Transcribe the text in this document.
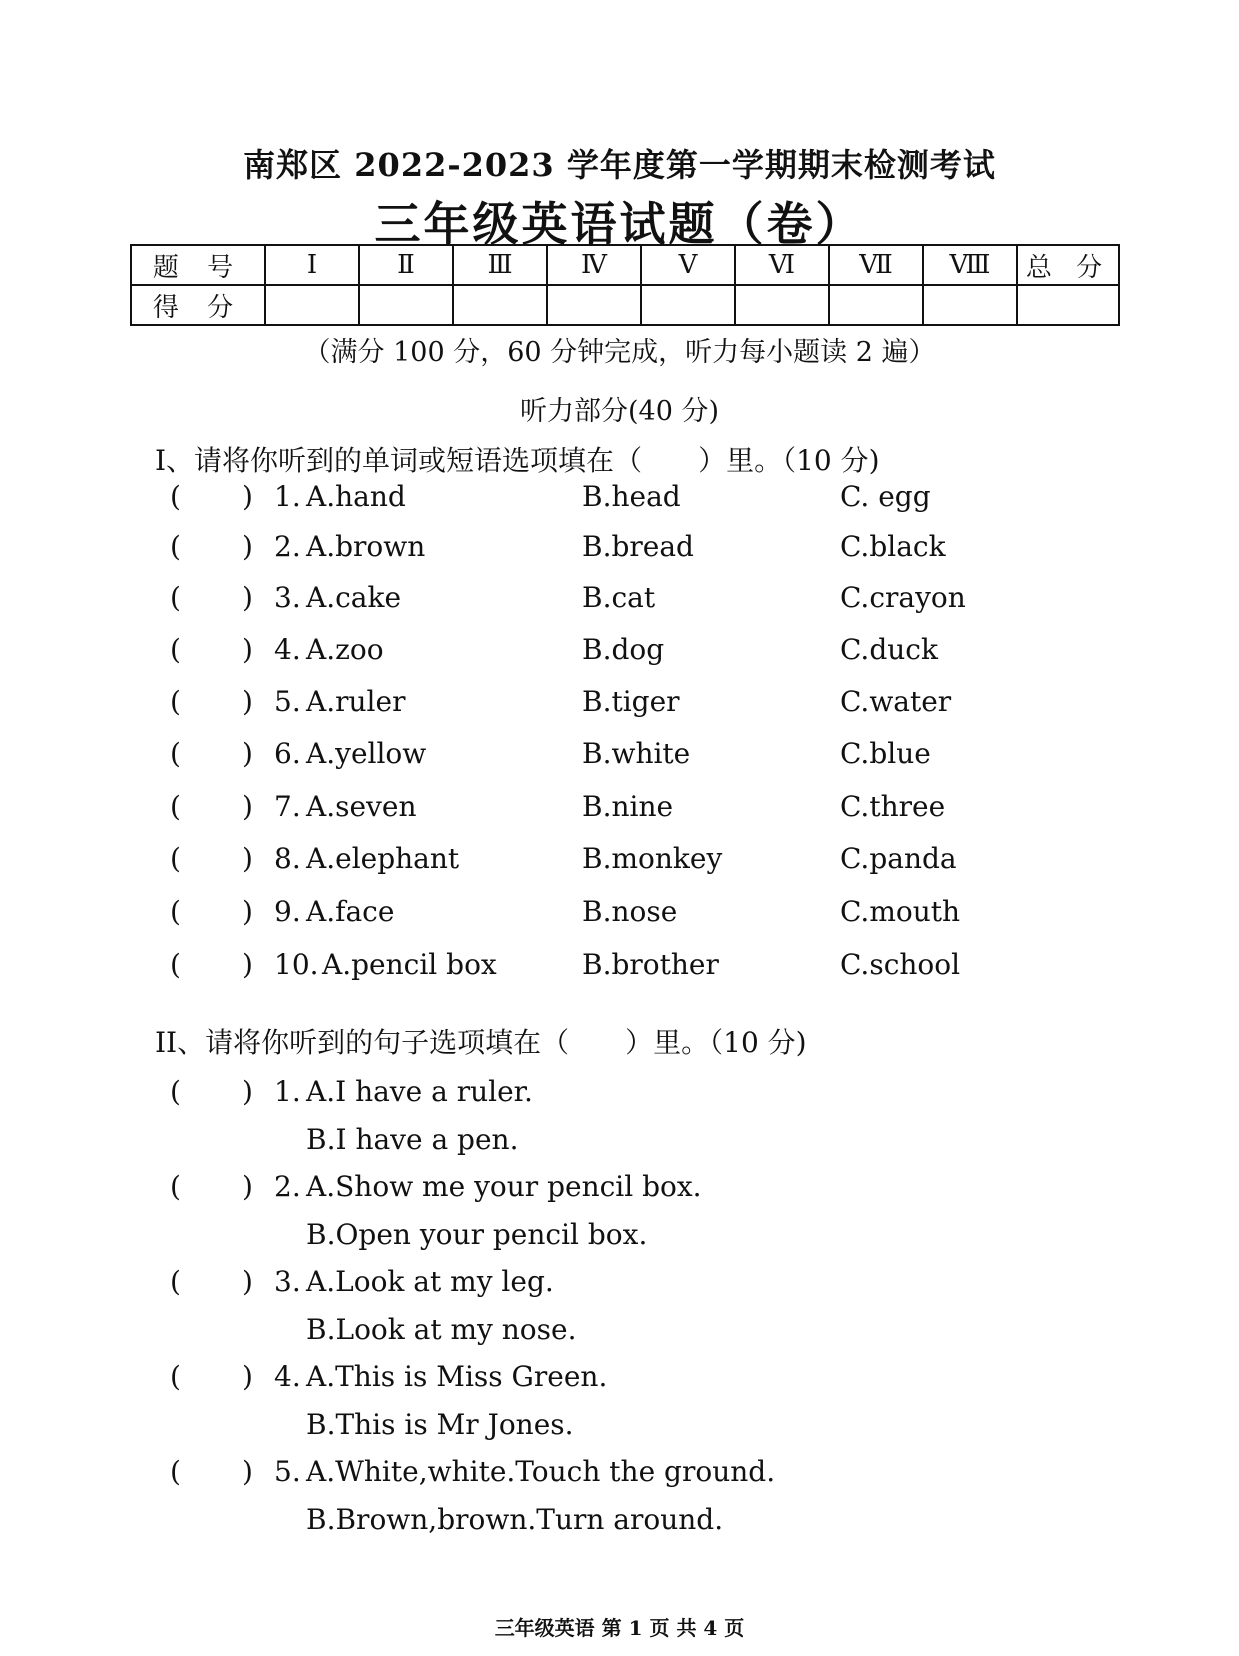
南郑区 2022-2023 学年度第一学期期末检测考试
三年级英语试题（卷）
题 号	I	Ⅱ	Ⅲ	Ⅳ	V	Ⅵ	Ⅶ	Ⅷ	总 分
得 分									
（满分 100 分，60 分钟完成，听力每小题读 2 遍）
听力部分(40 分)
I、请将你听到的单词或短语选项填在（　　）里。（10 分)
( ) 1. A.hand	B.head	C. egg
( ) 2. A.brown	B.bread	C.black
( ) 3. A.cake	B.cat	C.crayon
( ) 4. A.zoo	B.dog	C.duck
( ) 5. A.ruler	B.tiger	C.water
( ) 6. A.yellow	B.white	C.blue
( ) 7. A.seven	B.nine	C.three
( ) 8. A.elephant	B.monkey	C.panda
( ) 9. A.face	B.nose	C.mouth
( ) 10. A.pencil box	B.brother	C.school
II、请将你听到的句子选项填在（　　）里。（10 分)
( ) 1. A.I have a ruler.
B.I have a pen.
( ) 2. A.Show me your pencil box.
B.Open your pencil box.
( ) 3. A.Look at my leg.
B.Look at my nose.
( ) 4. A.This is Miss Green.
B.This is Mr Jones.
( ) 5. A.White,white.Touch the ground.
B.Brown,brown.Turn around.
三年级英语 第 1 页 共 4 页
